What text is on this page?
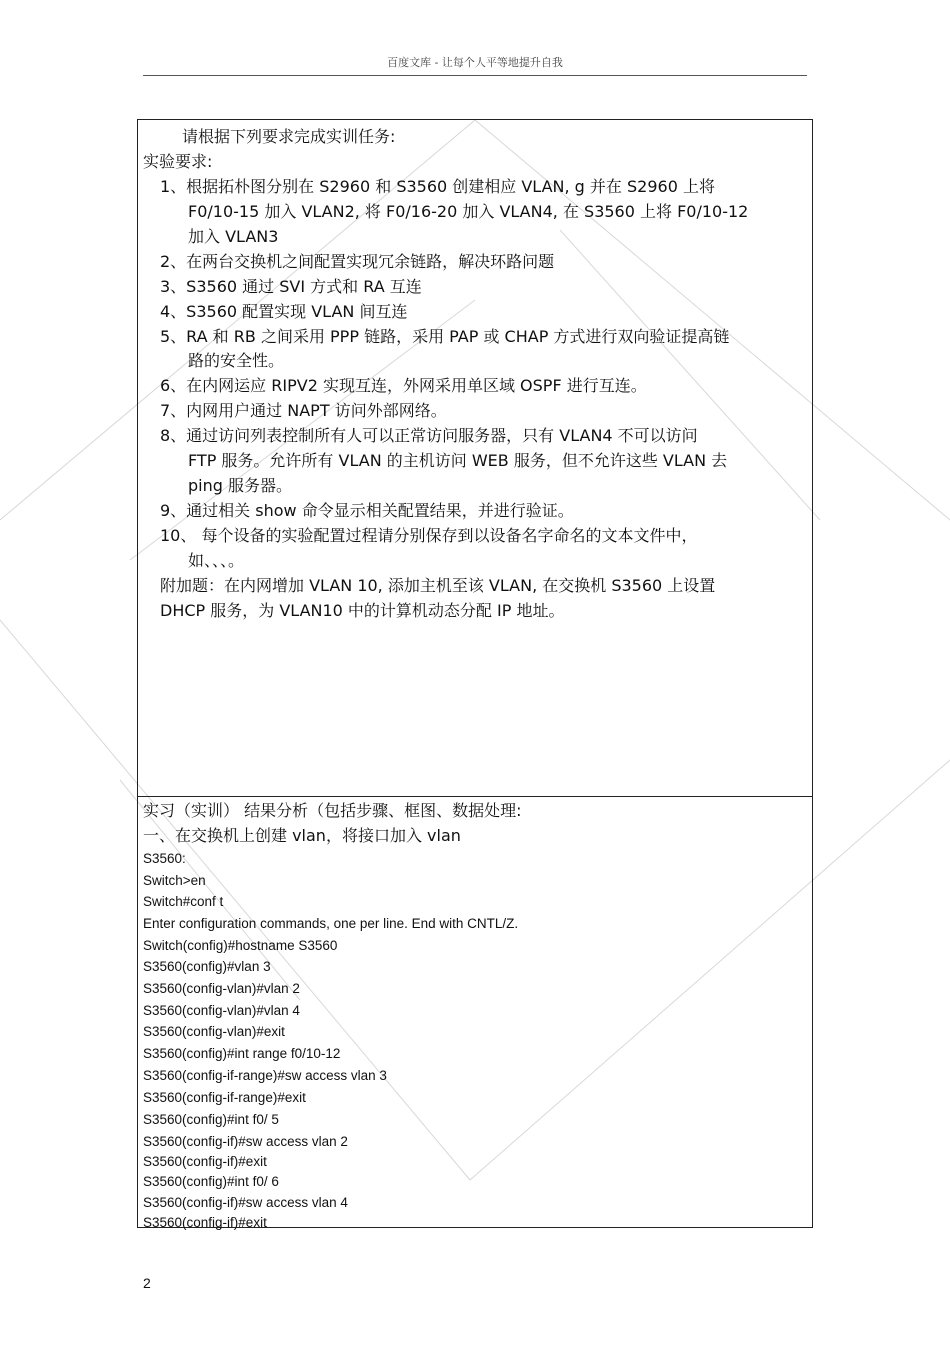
百度文库 - 让每个人平等地提升自我
请根据下列要求完成实训任务:
实验要求:
1、根据拓朴图分别在 S2960 和 S3560 创建相应 VLAN, g 并在 S2960 上将
F0/10-15 加入 VLAN2, 将 F0/16-20 加入 VLAN4, 在 S3560 上将 F0/10-12
加入 VLAN3
2、在两台交换机之间配置实现冗余链路，解决环路问题
3、S3560 通过 SVI 方式和 RA 互连
4、S3560 配置实现 VLAN 间互连
5、RA 和 RB 之间采用 PPP 链路，采用 PAP 或 CHAP 方式进行双向验证提高链
路的安全性。
6、在内网运应 RIPV2 实现互连，外网采用单区域 OSPF 进行互连。
7、内网用户通过 NAPT 访问外部网络。
8、通过访问列表控制所有人可以正常访问服务器，只有 VLAN4 不可以访问
FTP 服务。允许所有 VLAN 的主机访问 WEB 服务，但不允许这些 VLAN 去
ping 服务器。
9、通过相关 show 命令显示相关配置结果，并进行验证。
10、 每个设备的实验配置过程请分别保存到以设备名字命名的文本文件中，
如、、、。
附加题：在内网增加 VLAN 10, 添加主机至该 VLAN, 在交换机 S3560 上设置
DHCP 服务，为 VLAN10 中的计算机动态分配 IP 地址。
实习（实训） 结果分析（包括步骤、框图、数据处理:
一、在交换机上创建 vlan，将接口加入 vlan
S3560:
Switch>en
Switch#conf t
Enter configuration commands, one per line. End with CNTL/Z.
Switch(config)#hostname S3560
S3560(config)#vlan 3
S3560(config-vlan)#vlan 2
S3560(config-vlan)#vlan 4
S3560(config-vlan)#exit
S3560(config)#int range f0/10-12
S3560(config-if-range)#sw access vlan 3
S3560(config-if-range)#exit
S3560(config)#int f0/ 5
S3560(config-if)#sw access vlan 2
S3560(config-if)#exit
S3560(config)#int f0/ 6
S3560(config-if)#sw access vlan 4
S3560(config-if)#exit
2
